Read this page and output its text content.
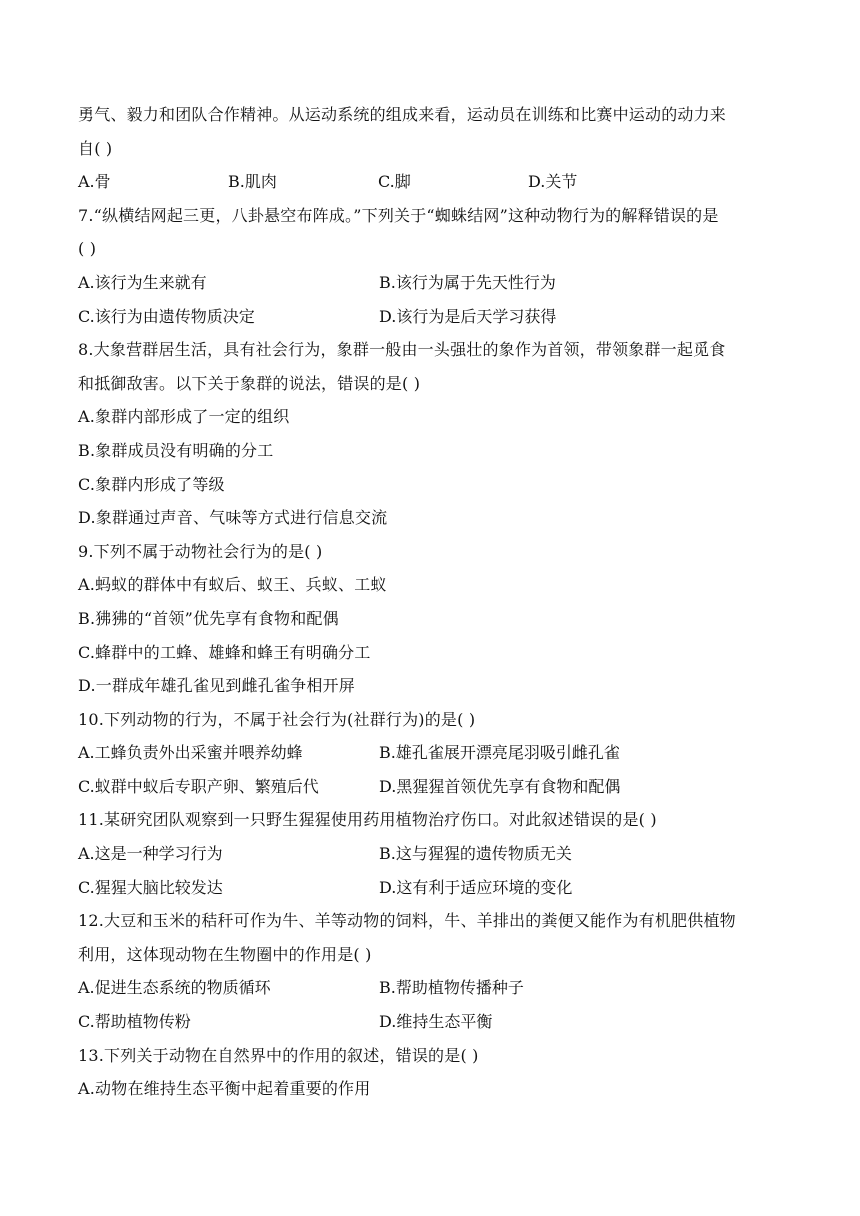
勇气、毅力和团队合作精神。从运动系统的组成来看，运动员在训练和比赛中运动的动力来
自( )
A.骨	B.肌肉	C.脚	D.关节
7.“纵横结网起三更，八卦悬空布阵成。”下列关于“蜘蛛结网”这种动物行为的解释错误的是
( )
A.该行为生来就有	B.该行为属于先天性行为
C.该行为由遗传物质决定	D.该行为是后天学习获得
8.大象营群居生活，具有社会行为，象群一般由一头强壮的象作为首领，带领象群一起觅食
和抵御敌害。以下关于象群的说法，错误的是( )
A.象群内部形成了一定的组织
B.象群成员没有明确的分工
C.象群内形成了等级
D.象群通过声音、气味等方式进行信息交流
9.下列不属于动物社会行为的是( )
A.蚂蚁的群体中有蚁后、蚁王、兵蚁、工蚁
B.狒狒的“首领”优先享有食物和配偶
C.蜂群中的工蜂、雄蜂和蜂王有明确分工
D.一群成年雄孔雀见到雌孔雀争相开屏
10.下列动物的行为，不属于社会行为(社群行为)的是( )
A.工蜂负责外出采蜜并喂养幼蜂	B.雄孔雀展开漂亮尾羽吸引雌孔雀
C.蚁群中蚁后专职产卵、繁殖后代	D.黑猩猩首领优先享有食物和配偶
11.某研究团队观察到一只野生猩猩使用药用植物治疗伤口。对此叙述错误的是( )
A.这是一种学习行为	B.这与猩猩的遗传物质无关
C.猩猩大脑比较发达	D.这有利于适应环境的变化
12.大豆和玉米的秸秆可作为牛、羊等动物的饲料，牛、羊排出的粪便又能作为有机肥供植物
利用，这体现动物在生物圈中的作用是( )
A.促进生态系统的物质循环	B.帮助植物传播种子
C.帮助植物传粉	D.维持生态平衡
13.下列关于动物在自然界中的作用的叙述，错误的是( )
A.动物在维持生态平衡中起着重要的作用
